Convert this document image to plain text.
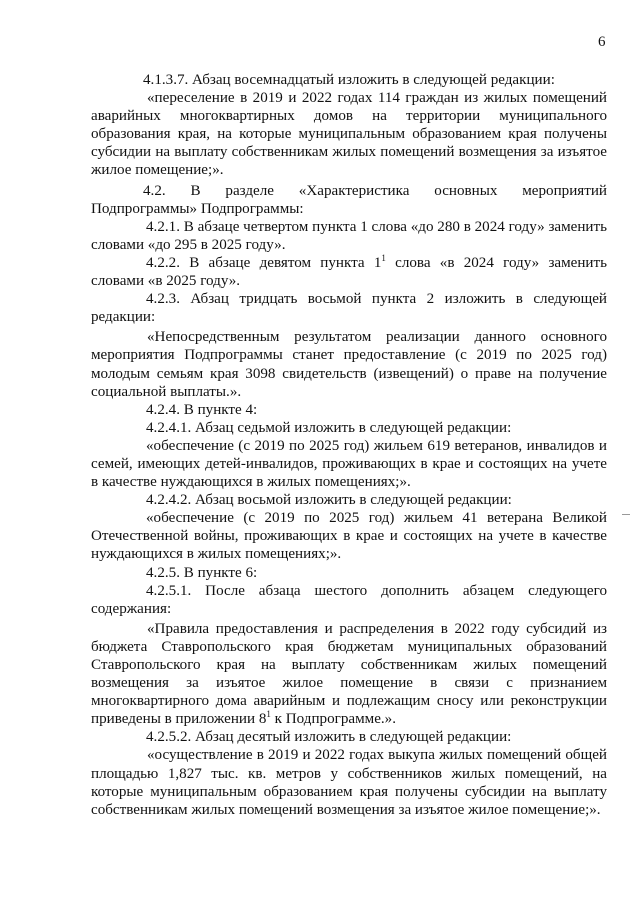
6

4.1.3.7. Абзац восемнадцатый изложить в следующей редакции:

«переселение в 2019 и 2022 годах 114 граждан из жилых помещений аварийных многоквартирных домов на территории муниципального образования края, на которые муниципальным образованием края получены субсидии на выплату собственникам жилых помещений возмещения за изъятое жилое помещение;».

4.2. В разделе «Характеристика основных мероприятий Подпрограммы» Подпрограммы:

4.2.1. В абзаце четвертом пункта 1 слова «до 280 в 2024 году» заменить словами «до 295 в 2025 году».

4.2.2. В абзаце девятом пункта $1^1$ слова «в 2024 году» заменить словами «в 2025 году».

4.2.3. Абзац тридцать восьмой пункта 2 изложить в следующей редакции:

«Непосредственным результатом реализации данного основного мероприятия Подпрограммы станет предоставление (с 2019 по 2025 год) молодым семьям края 3098 свидетельств (извещений) о праве на получение социальной выплаты.».

4.2.4. В пункте 4:

4.2.4.1. Абзац седьмой изложить в следующей редакции:

«обеспечение (с 2019 по 2025 год) жильем 619 ветеранов, инвалидов и семей, имеющих детей-инвалидов, проживающих в крае и состоящих на учете в качестве нуждающихся в жилых помещениях;».

4.2.4.2. Абзац восьмой изложить в следующей редакции:

«обеспечение (с 2019 по 2025 год) жильем 41 ветерана Великой Отечественной войны, проживающих в крае и состоящих на учете в качестве нуждающихся в жилых помещениях;».

4.2.5. В пункте 6:

4.2.5.1. После абзаца шестого дополнить абзацем следующего содержания:

«Правила предоставления и распределения в 2022 году субсидий из бюджета Ставропольского края бюджетам муниципальных образований Ставропольского края на выплату собственникам жилых помещений возмещения за изъятое жилое помещение в связи с признанием многоквартирного дома аварийным и подлежащим сносу или реконструкции приведены в приложении $8^1$ к Подпрограмме.».

4.2.5.2. Абзац десятый изложить в следующей редакции:

«осуществление в 2019 и 2022 годах выкупа жилых помещений общей площадью 1,827 тыс. кв. метров у собственников жилых помещений, на которые муниципальным образованием края получены субсидии на выплату собственникам жилых помещений возмещения за изъятое жилое помещение;».
